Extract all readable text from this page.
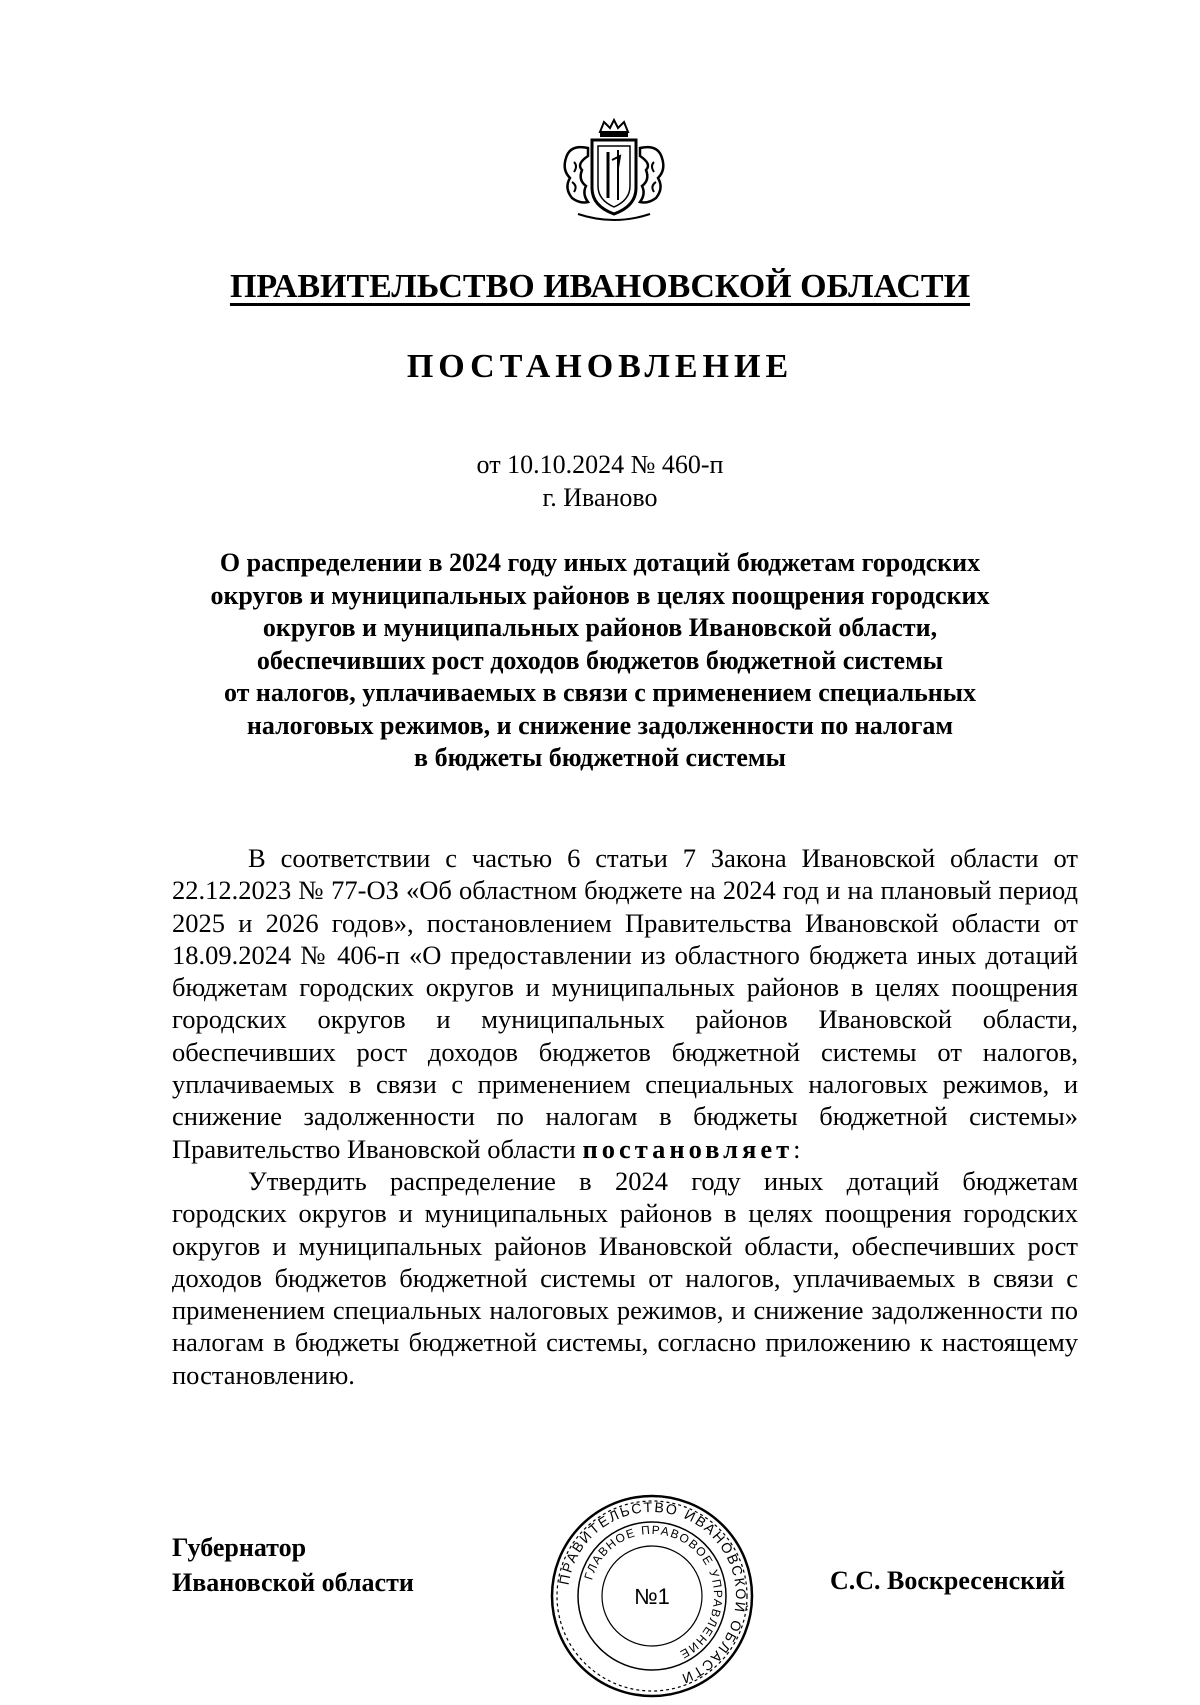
ПРАВИТЕЛЬСТВО ИВАНОВСКОЙ ОБЛАСТИ
ПОСТАНОВЛЕНИЕ
от 10.10.2024 № 460-п
г. Иваново
О распределении в 2024 году иных дотаций бюджетам городских
округов и муниципальных районов в целях поощрения городских
округов и муниципальных районов Ивановской области,
обеспечивших рост доходов бюджетов бюджетной системы
от налогов, уплачиваемых в связи с применением специальных
налоговых режимов, и снижение задолженности по налогам
в бюджеты бюджетной системы

В соответствии с частью 6 статьи 7 Закона Ивановской области от 22.12.2023 № 77-ОЗ «Об областном бюджете на 2024 год и на плановый период 2025 и 2026 годов», постановлением Правительства Ивановской области от 18.09.2024 № 406-п «О предоставлении из областного бюджета иных дотаций бюджетам городских округов и муниципальных районов в целях поощрения городских округов и муниципальных районов Ивановской области, обеспечивших рост доходов бюджетов бюджетной системы от налогов, уплачиваемых в связи с применением специальных налоговых режимов, и снижение задолженности по налогам в бюджеты бюджетной системы» Правительство Ивановской области постановляет:

Утвердить распределение в 2024 году иных дотаций бюджетам городских округов и муниципальных районов в целях поощрения городских округов и муниципальных районов Ивановской области, обеспечивших рост доходов бюджетов бюджетной системы от налогов, уплачиваемых в связи с применением специальных налоговых режимов, и снижение задолженности по налогам в бюджеты бюджетной системы, согласно приложению к настоящему постановлению.

Губернатор
Ивановской области	ПРАВИТЕЛЬСТВО ИВАНОВСКОЙ ОБЛАСТИ
ГЛАВНОЕ ПРАВОВОЕ УПРАВЛЕНИЕ
№1
С.С. Воскресенский
